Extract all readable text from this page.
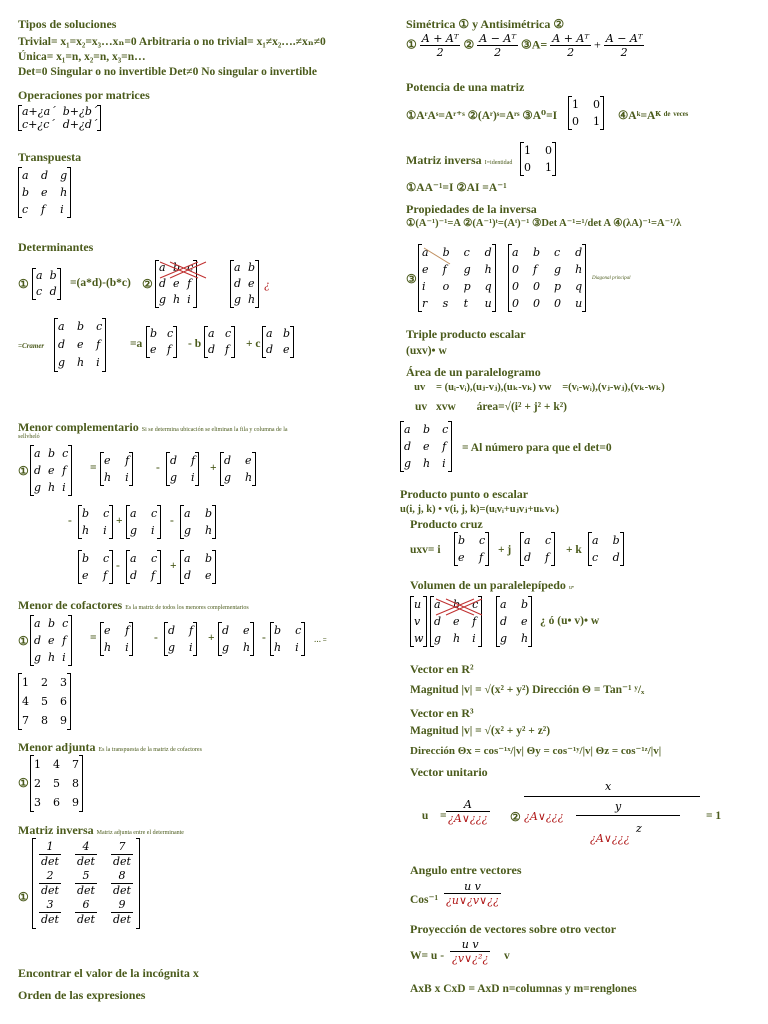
Tipos de soluciones
Trivial= x₁=x₂=x₃…xₙ=0 Arbitraria o no trivial= x₁≠x₂….≠xₙ≠0
Única= x₁=n, x₂=n, x₃=n…
Det=0 Singular o no invertible Det≠0 No singular o invertible
Operaciones por matrices
a+¿a´ b+¿b´
c+¿c´ d+¿d´
Transpuesta
a d g
b e h
c f i
Determinantes
①
a b
c d
=(a*d)-(b*c) ②
a b c
d e f
g h i
a b
d e
g h
¿
=Cramer
a b c
d e f
g h i
=a
b c
e f - b
a c
d f + c
a b
d e
Menor complementario Si se determina ubicación se eliminan la fila y columna de la
sellvheló
①
a b c
d e f
g h i
=
e f
h i
-
d f
g i
+
d e
g h
-
b c
h i
+
a c
g i
-
a b
g h
b c
e f
-
a c
d f
+
a b
d e
Menor de cofactores Es la matriz de todos los menores complementarios
①
a b c
d e f
g h i
=
e f
h i
-
d f
g i
+
d e
g h
-
b c
h i
… =
1 2 3
4 5 6
7 8 9
Menor adjunta Es la transpuesta de la matriz de cofactores
①
1 4 7
2 5 8
3 6 9
Matriz inversa Matriz adjunta entre el determinante
①
$\frac{1}{\det} \frac{4}{\det} \frac{7}{\det}$
$\frac{2}{\det} \frac{5}{\det} \frac{8}{\det}$
$\frac{3}{\det} \frac{6}{\det} \frac{9}{\det}$
Encontrar el valor de la incógnita x
Orden de las expresiones
Simétrica ① y Antisimétrica ②
① $\frac{\text{A + Aᵀ}}{2}$ ② $\frac{\text{A − Aᵀ}}{2}$ ③A= $\frac{\text{A + Aᵀ}}{2} + \frac{\text{A − Aᵀ}}{2}$
Potencia de una matriz
①AʳAˢ=Aʳ⁺ˢ ②(Aʳ)ˢ=Aʳˢ ③A⁰=I
1 0
0 1 ④Aᵏ=Aᴷ ᵈᵉ ᵛᵉᶜᵉˢ
Matriz inversa I=identidad
1 0
0 1
①AA⁻¹=I ②AI =A⁻¹
Propiedades de la inversa
①(A⁻¹)⁻¹=A ②(A⁻¹)ᵗ=(Aᵗ)⁻¹ ③Det A⁻¹=¹/det A ④(λA)⁻¹=A⁻¹/λ
③
a b c d
e f g h
i o p q
r s t u
a b c d
0 f g h
0 0 p q
0 0 0 u
Diagonal principal
Triple producto escalar
(uxv)• w
Área de un paralelogramo
①uv⃗ = (uᵢ-vᵢ),(uⱼ-vⱼ),(uₖ-vₖ) vw⃗ =(vᵢ-wᵢ),(vⱼ-wⱼ),(vₖ-wₖ)
②uv⃗xvw⃗ ③área=√(i² + j² + k²)
a b c
d e f
g h i
= Al número para que el det=0
Producto punto o escalar
u(i, j, k) • v(i, j, k)=(uᵢvᵢ+uⱼvⱼ+uₖvₖ)
Producto cruz
uxv= i
b c
e f
+ j
a c
d f
+ k
a b
c d
Volumen de un paralelepípedo u•
u
v
w
a b c
d e f
g h i
a b
d e
g h
¿ ó (u• v)• w
Vector en R²
Magnitud |v| = √(x² + y²) Dirección Θ = Tan⁻¹ ʸ/ₓ
Vector en R³
Magnitud |v| = √(x² + y² + z²)
Dirección Θx = cos⁻¹ˣ/|v| Θy = cos⁻¹ʸ/|v| Θz = cos⁻¹ᶻ/|v|
Vector unitario
① u⃗ = $\frac{A}{¿A\vee¿¿¿}$ ②
x
y
¿A∨¿¿¿
z
¿A∨¿¿¿
= 1
Angulo entre vectores
$Cos^{-1} \frac{\text{u v}}{¿u\vee¿v\vee¿¿}$
Proyección de vectores sobre otro vector
$W= u - \frac{\text{u v}}{\text{¿v∨¿²¿}}$ v
AxB x CxD = AxD n=columnas y m=renglones
